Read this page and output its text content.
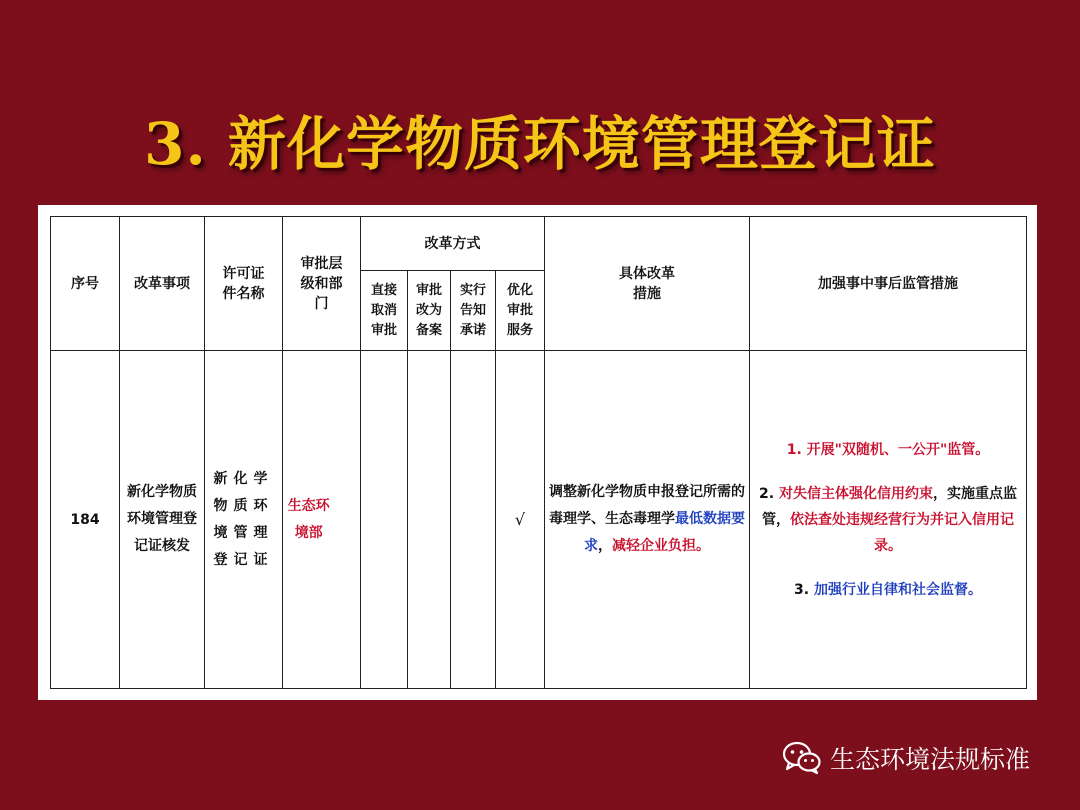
3. 新化学物质环境管理登记证
序号	改革事项	许可证件名称	审批层级和部门	改革方式				具体改革措施	加强事中事后监管措施
				直接取消审批	审批改为备案	实行告知承诺	优化审批服务		
184	新化学物质环境管理登记证核发	新化学物质环境管理登记证	生态环境部				√	调整新化学物质申报登记所需的毒理学、生态毒理学最低数据要求，减轻企业负担。	1. 开展"双随机、一公开"监管。

2. 对失信主体强化信用约束，实施重点监管，依法查处违规经营行为并记入信用记录。

3. 加强行业自律和社会监督。

生态环境法规标准
